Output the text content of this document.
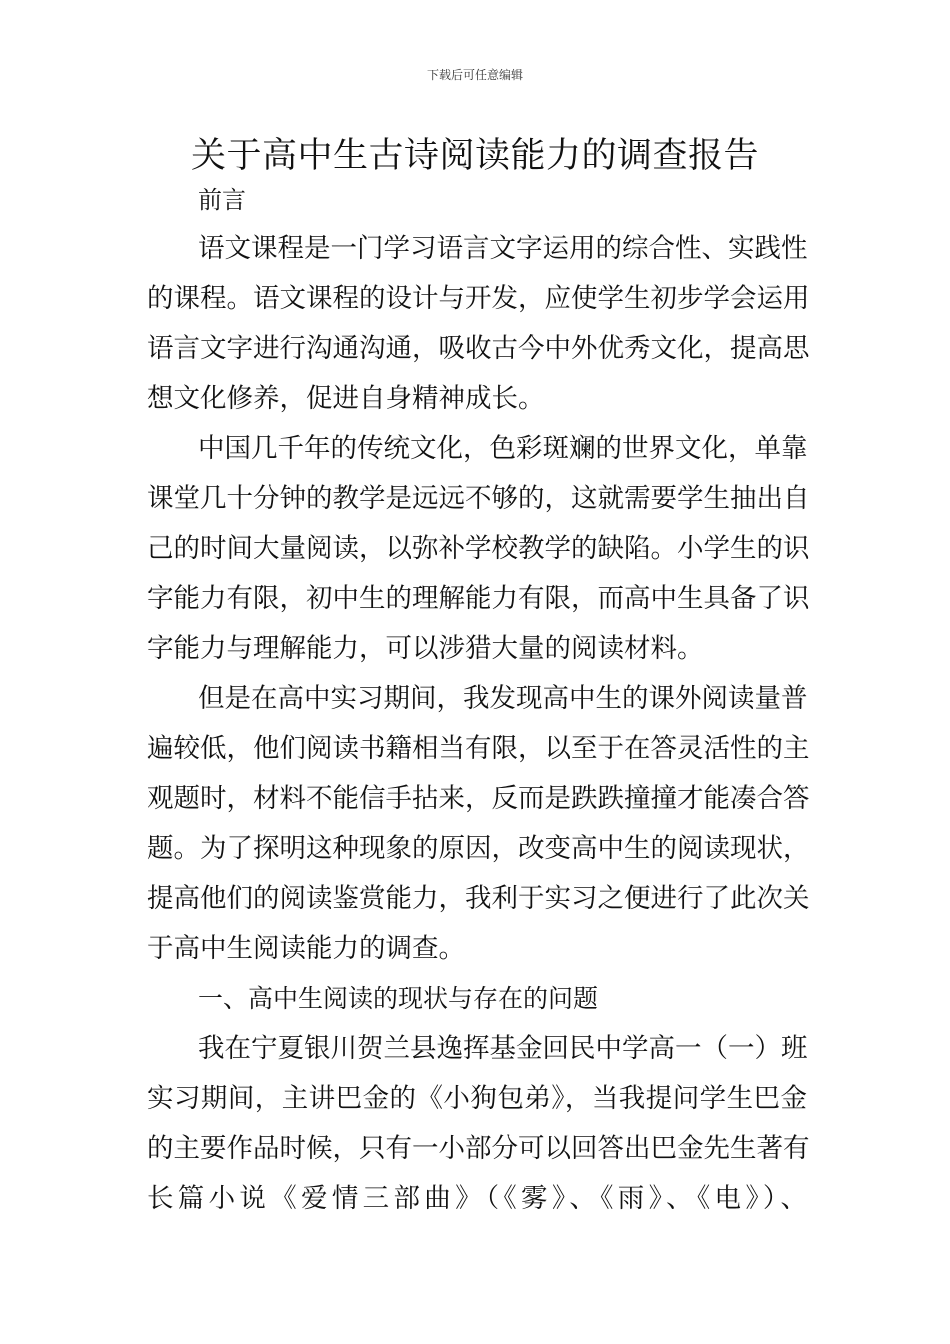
下载后可任意编辑
关于高中生古诗阅读能力的调查报告
前言
语文课程是一门学习语言文字运用的综合性、实践性
的课程。语文课程的设计与开发，应使学生初步学会运用
语言文字进行沟通沟通，吸收古今中外优秀文化，提高思
想文化修养，促进自身精神成长。
中国几千年的传统文化，色彩斑斓的世界文化，单靠
课堂几十分钟的教学是远远不够的，这就需要学生抽出自
己的时间大量阅读，以弥补学校教学的缺陷。小学生的识
字能力有限，初中生的理解能力有限，而高中生具备了识
字能力与理解能力，可以涉猎大量的阅读材料。
但是在高中实习期间，我发现高中生的课外阅读量普
遍较低，他们阅读书籍相当有限，以至于在答灵活性的主
观题时，材料不能信手拈来，反而是跌跌撞撞才能凑合答
题。为了探明这种现象的原因，改变高中生的阅读现状，
提高他们的阅读鉴赏能力，我利于实习之便进行了此次关
于高中生阅读能力的调查。
一、高中生阅读的现状与存在的问题
我在宁夏银川贺兰县逸挥基金回民中学高一（一）班
实习期间，主讲巴金的《小狗包弟》，当我提问学生巴金
的主要作品时候，只有一小部分可以回答出巴金先生著有
长篇小说《爱情三部曲》（《雾》、《雨》、《电》）、
